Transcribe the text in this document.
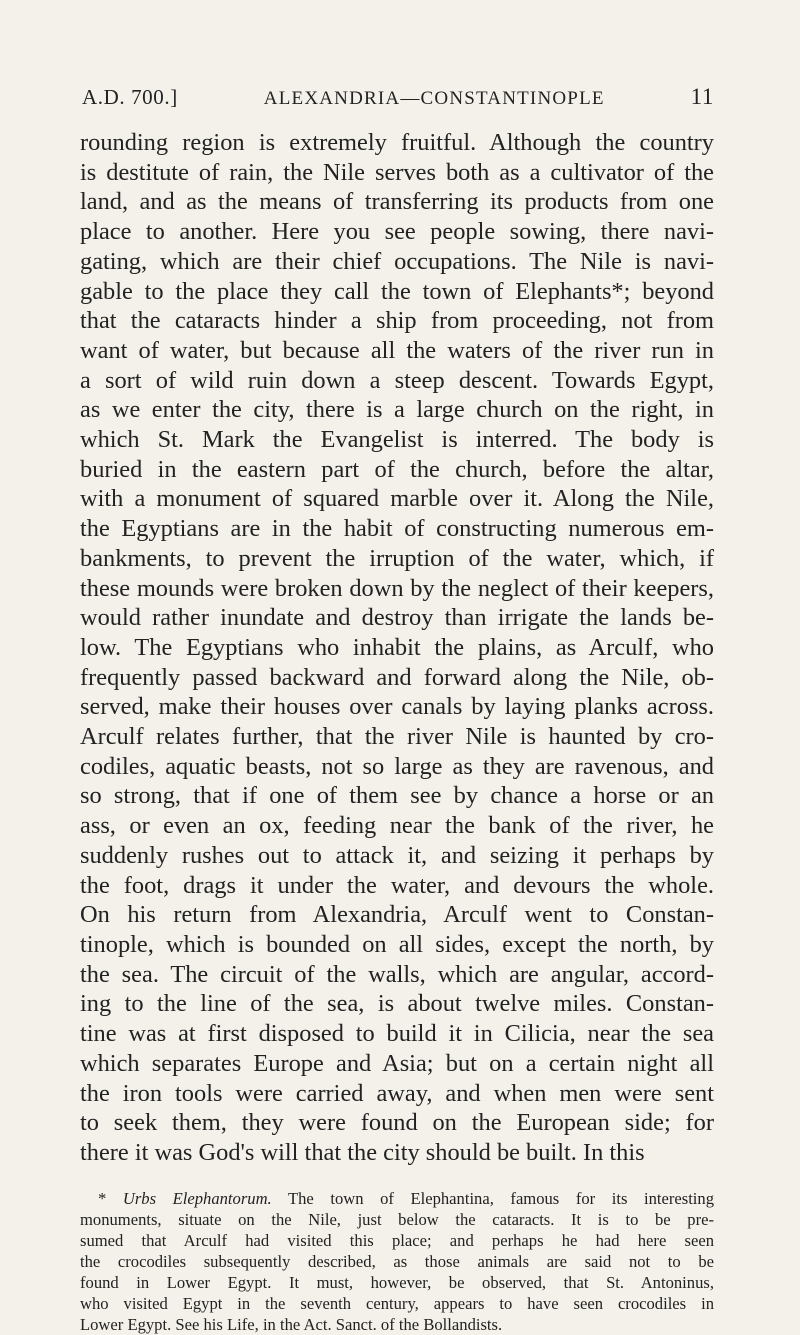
A.D. 700.]	ALEXANDRIA—CONSTANTINOPLE	11
rounding region is extremely fruitful. Although the country
is destitute of rain, the Nile serves both as a cultivator of the
land, and as the means of transferring its products from one
place to another. Here you see people sowing, there navi-
gating, which are their chief occupations. The Nile is navi-
gable to the place they call the town of Elephants*; beyond
that the cataracts hinder a ship from proceeding, not from
want of water, but because all the waters of the river run in
a sort of wild ruin down a steep descent. Towards Egypt,
as we enter the city, there is a large church on the right, in
which St. Mark the Evangelist is interred. The body is
buried in the eastern part of the church, before the altar,
with a monument of squared marble over it. Along the Nile,
the Egyptians are in the habit of constructing numerous em-
bankments, to prevent the irruption of the water, which, if
these mounds were broken down by the neglect of their keepers,
would rather inundate and destroy than irrigate the lands be-
low. The Egyptians who inhabit the plains, as Arculf, who
frequently passed backward and forward along the Nile, ob-
served, make their houses over canals by laying planks across.
Arculf relates further, that the river Nile is haunted by cro-
codiles, aquatic beasts, not so large as they are ravenous, and
so strong, that if one of them see by chance a horse or an
ass, or even an ox, feeding near the bank of the river, he
suddenly rushes out to attack it, and seizing it perhaps by
the foot, drags it under the water, and devours the whole.
On his return from Alexandria, Arculf went to Constan-
tinople, which is bounded on all sides, except the north, by
the sea. The circuit of the walls, which are angular, accord-
ing to the line of the sea, is about twelve miles. Constan-
tine was at first disposed to build it in Cilicia, near the sea
which separates Europe and Asia; but on a certain night all
the iron tools were carried away, and when men were sent
to seek them, they were found on the European side; for
there it was God's will that the city should be built. In this
* Urbs Elephantorum. The town of Elephantina, famous for its interesting
monuments, situate on the Nile, just below the cataracts. It is to be pre-
sumed that Arculf had visited this place; and perhaps he had here seen
the crocodiles subsequently described, as those animals are said not to be
found in Lower Egypt. It must, however, be observed, that St. Antoninus,
who visited Egypt in the seventh century, appears to have seen crocodiles in
Lower Egypt. See his Life, in the Act. Sanct. of the Bollandists.
